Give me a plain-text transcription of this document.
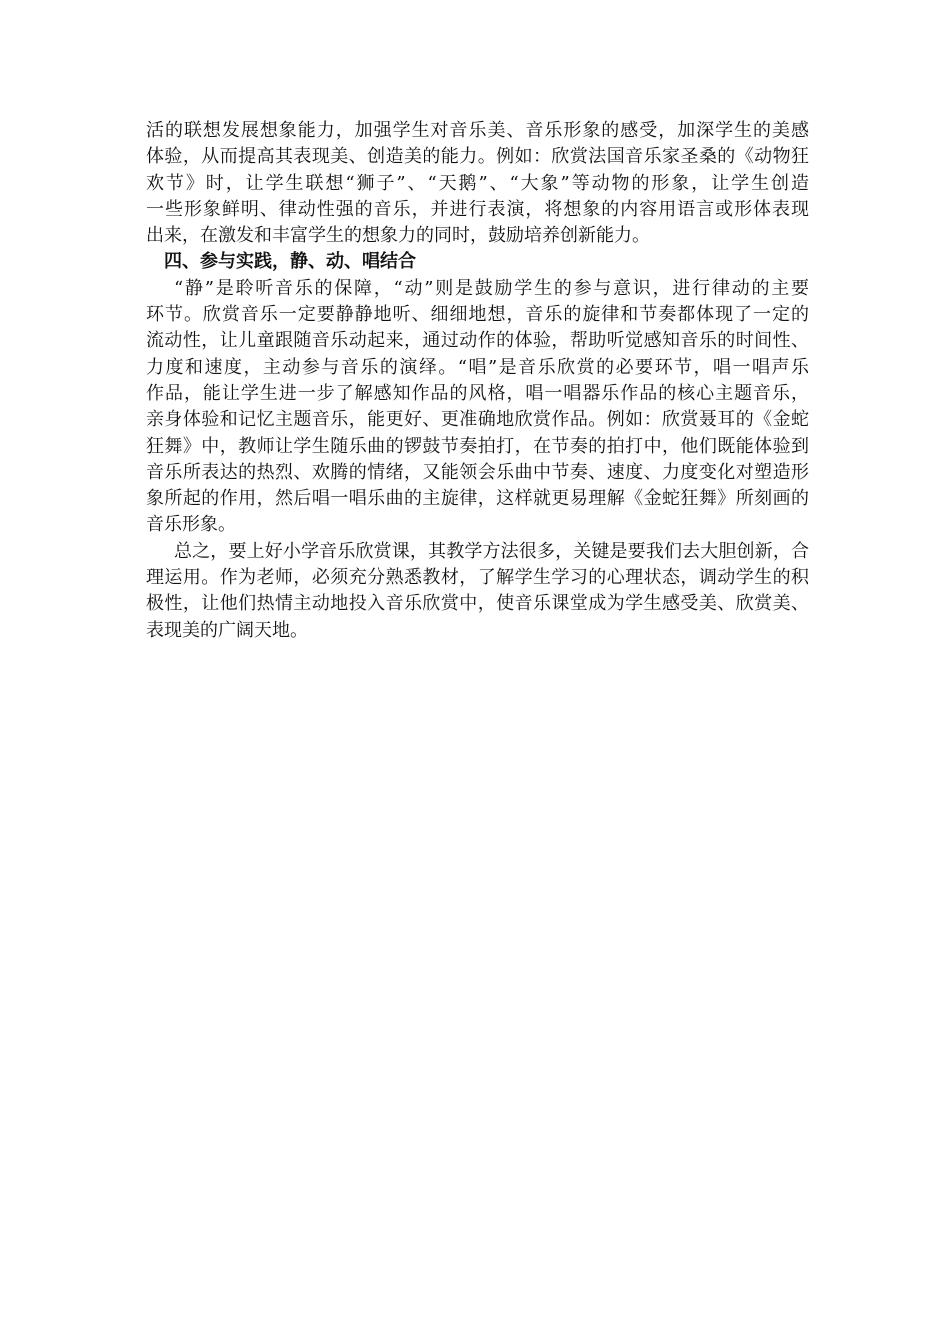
活的联想发展想象能力，加强学生对音乐美、音乐形象的感受，加深学生的美感
体验，从而提高其表现美、创造美的能力。例如：欣赏法国音乐家圣桑的《动物狂
欢节》时，让学生联想“狮子”、“天鹅”、“大象”等动物的形象，让学生创造
一些形象鲜明、律动性强的音乐，并进行表演，将想象的内容用语言或形体表现
出来，在激发和丰富学生的想象力的同时，鼓励培养创新能力。
四、参与实践，静、动、唱结合
“静”是聆听音乐的保障，“动”则是鼓励学生的参与意识，进行律动的主要
环节。欣赏音乐一定要静静地听、细细地想，音乐的旋律和节奏都体现了一定的
流动性，让儿童跟随音乐动起来，通过动作的体验，帮助听觉感知音乐的时间性、
力度和速度，主动参与音乐的演绎。“唱”是音乐欣赏的必要环节，唱一唱声乐
作品，能让学生进一步了解感知作品的风格，唱一唱器乐作品的核心主题音乐，
亲身体验和记忆主题音乐，能更好、更准确地欣赏作品。例如：欣赏聂耳的《金蛇
狂舞》中，教师让学生随乐曲的锣鼓节奏拍打，在节奏的拍打中，他们既能体验到
音乐所表达的热烈、欢腾的情绪，又能领会乐曲中节奏、速度、力度变化对塑造形
象所起的作用，然后唱一唱乐曲的主旋律，这样就更易理解《金蛇狂舞》所刻画的
音乐形象。
总之，要上好小学音乐欣赏课，其教学方法很多，关键是要我们去大胆创新，合
理运用。作为老师，必须充分熟悉教材，了解学生学习的心理状态，调动学生的积
极性，让他们热情主动地投入音乐欣赏中，使音乐课堂成为学生感受美、欣赏美、
表现美的广阔天地。
